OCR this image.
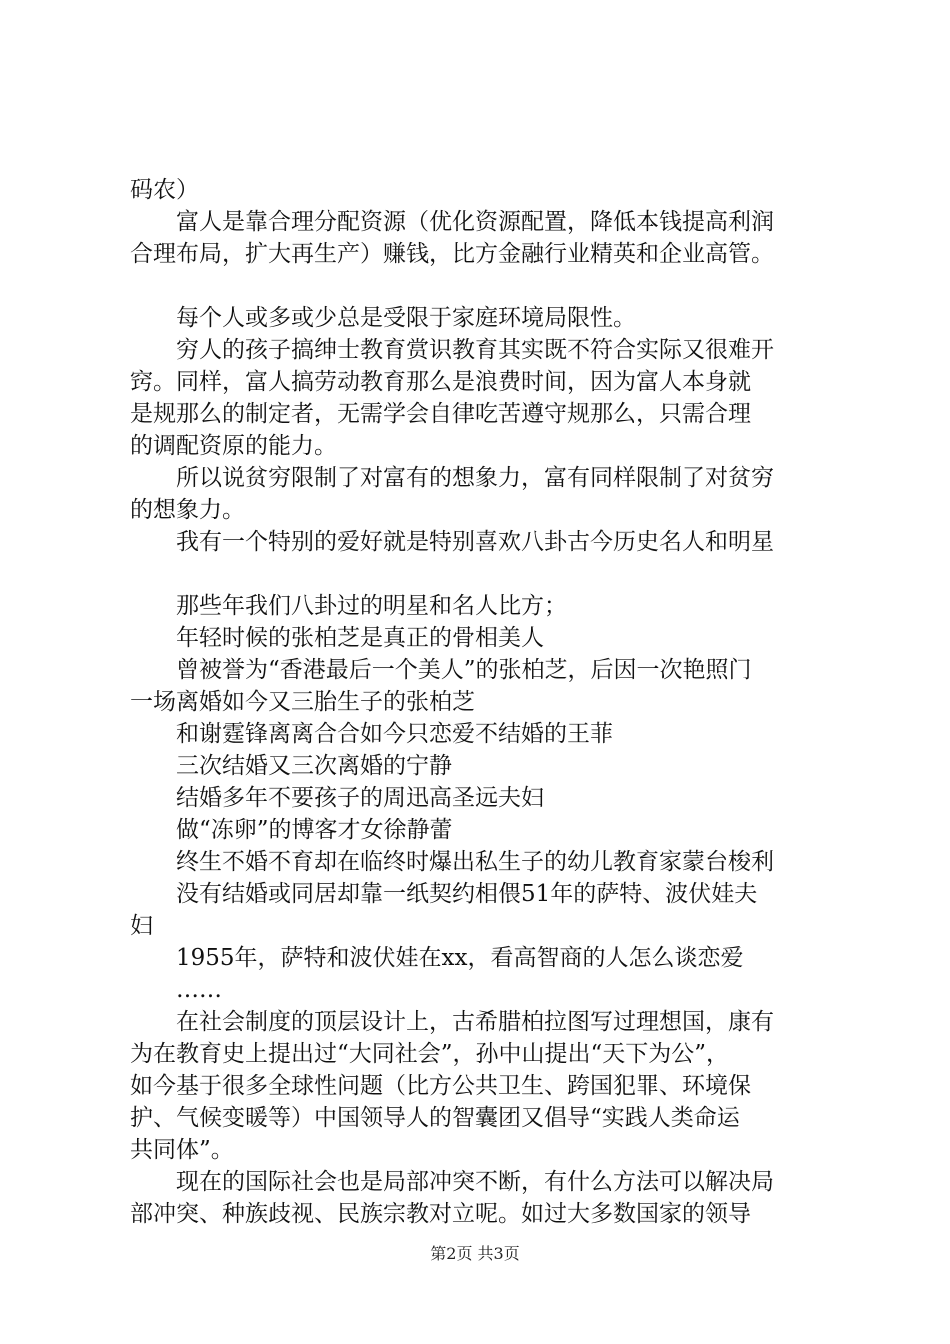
码农）
富人是靠合理分配资源（优化资源配置，降低本钱提高利润
合理布局，扩大再生产）赚钱，比方金融行业精英和企业高管。
每个人或多或少总是受限于家庭环境局限性。
穷人的孩子搞绅士教育赏识教育其实既不符合实际又很难开
窍。同样，富人搞劳动教育那么是浪费时间，因为富人本身就
是规那么的制定者，无需学会自律吃苦遵守规那么，只需合理
的调配资原的能力。
所以说贫穷限制了对富有的想象力，富有同样限制了对贫穷
的想象力。
我有一个特别的爱好就是特别喜欢八卦古今历史名人和明星
那些年我们八卦过的明星和名人比方；
年轻时候的张柏芝是真正的骨相美人
曾被誉为“香港最后一个美人”的张柏芝，后因一次艳照门
一场离婚如今又三胎生子的张柏芝
和谢霆锋离离合合如今只恋爱不结婚的王菲
三次结婚又三次离婚的宁静
结婚多年不要孩子的周迅高圣远夫妇
做“冻卵”的博客才女徐静蕾
终生不婚不育却在临终时爆出私生子的幼儿教育家蒙台梭利
没有结婚或同居却靠一纸契约相偎51年的萨特、波伏娃夫
妇
1955年，萨特和波伏娃在xx，看高智商的人怎么谈恋爱
……
在社会制度的顶层设计上，古希腊柏拉图写过理想国，康有
为在教育史上提出过“大同社会”，孙中山提出“天下为公”，
如今基于很多全球性问题（比方公共卫生、跨国犯罪、环境保
护、气候变暖等）中国领导人的智囊团又倡导“实践人类命运
共同体”。
现在的国际社会也是局部冲突不断，有什么方法可以解决局
部冲突、种族歧视、民族宗教对立呢。如过大多数国家的领导
第2页 共3页
